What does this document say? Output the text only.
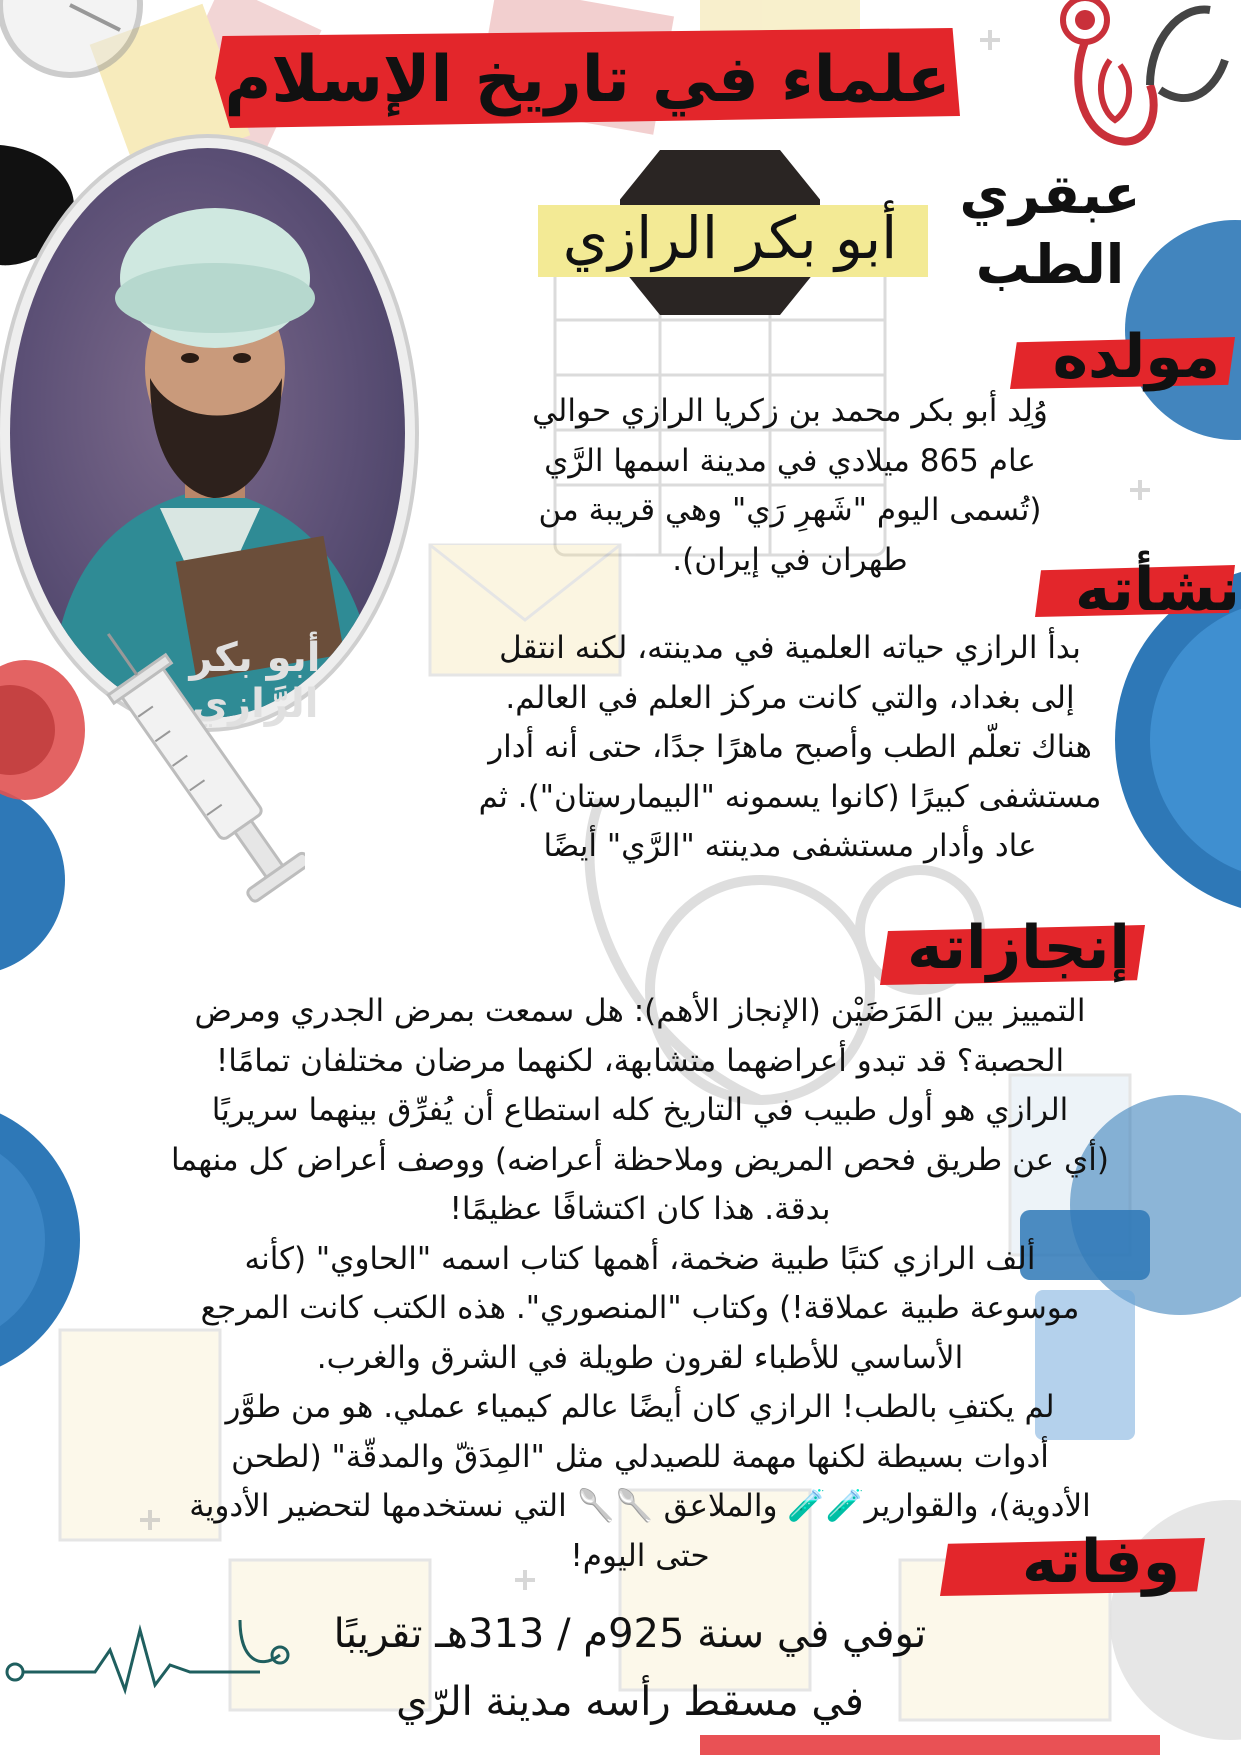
علماء في تاريخ الإسلام
أبو بكر الرازي
عبقري الطب
أبو بكر الرَّازي
مولده
وُلِد أبو بكر محمد بن زكريا الرازي حوالي
عام 865 ميلادي في مدينة اسمها الرَّي
(تُسمى اليوم "شَهرِ رَي" وهي قريبة من
طهران في إيران).	نشأته
بدأ الرازي حياته العلمية في مدينته، لكنه انتقل
إلى بغداد، والتي كانت مركز العلم في العالم.
هناك تعلّم الطب وأصبح ماهرًا جدًا، حتى أنه أدار
مستشفى كبيرًا (كانوا يسمونه "البيمارستان"). ثم
عاد وأدار مستشفى مدينته "الرَّي" أيضًا
إنجازاته
التمييز بين المَرَضَيْن (الإنجاز الأهم): هل سمعت بمرض الجدري ومرض
الحصبة؟ قد تبدو أعراضهما متشابهة، لكنهما مرضان مختلفان تمامًا!
الرازي هو أول طبيب في التاريخ كله استطاع أن يُفرِّق بينهما سريريًا
(أي عن طريق فحص المريض وملاحظة أعراضه) ووصف أعراض كل منهما
بدقة. هذا كان اكتشافًا عظيمًا!
ألف الرازي كتبًا طبية ضخمة، أهمها كتاب اسمه "الحاوي" (كأنه
موسوعة طبية عملاقة!) وكتاب "المنصوري". هذه الكتب كانت المرجع
الأساسي للأطباء لقرون طويلة في الشرق والغرب.
لم يكتفِ بالطب! الرازي كان أيضًا عالم كيمياء عملي. هو من طوَّر
أدوات بسيطة لكنها مهمة للصيدلي مثل "المِدَقّ والمدقّة" (لطحن
الأدوية)، والقوارير🧪🧪 والملاعق 🥄🥄 التي نستخدمها لتحضير الأدوية
حتى اليوم!	وفاته
توفي في سنة 925م / 313هـ تقريبًا
في مسقط رأسه مدينة الرّي
